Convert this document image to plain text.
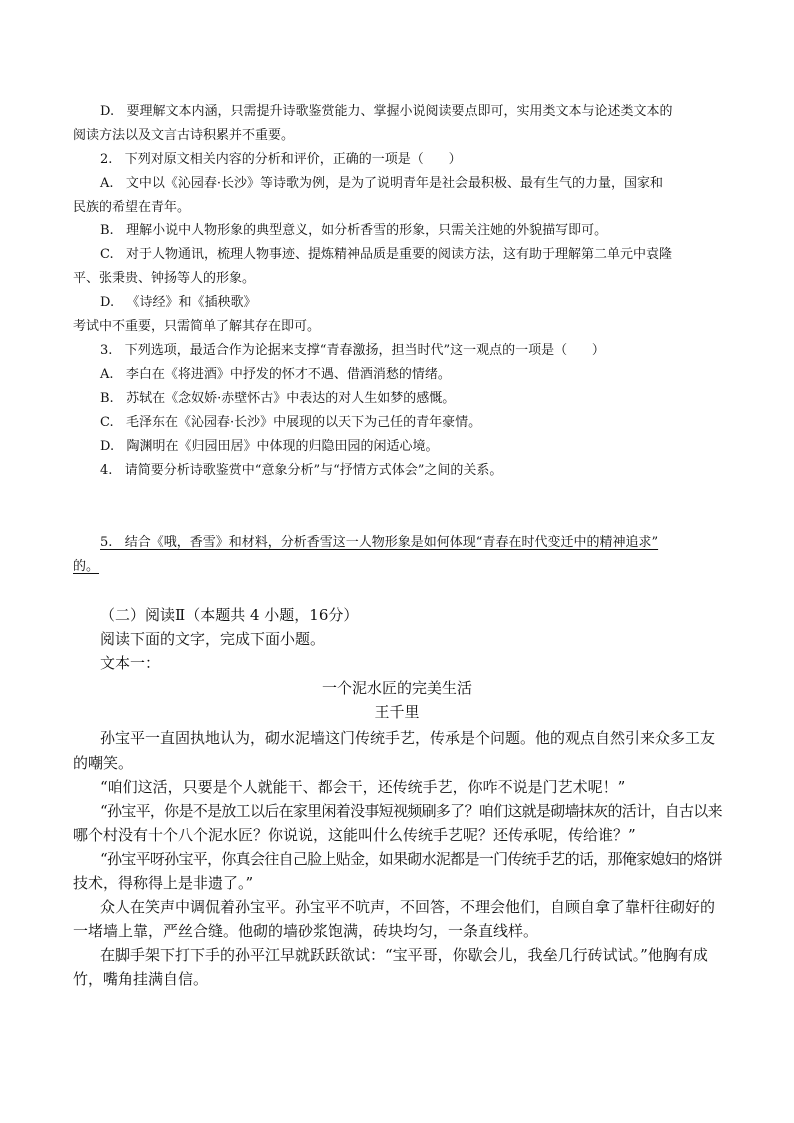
D.   要理解文本内涵，只需提升诗歌鉴赏能力、掌握小说阅读要点即可，实用类文本与论述类文本的
阅读方法以及文言古诗积累并不重要。
2.   下列对原文相关内容的分析和评价，正确的一项是（      ）
A.   文中以《沁园春·长沙》等诗歌为例，是为了说明青年是社会最积极、最有生气的力量，国家和
民族的希望在青年。
B.   理解小说中人物形象的典型意义，如分析香雪的形象，只需关注她的外貌描写即可。
C.   对于人物通讯，梳理人物事迹、提炼精神品质是重要的阅读方法，这有助于理解第二单元中袁隆
平、张秉贵、钟扬等人的形象。
D.   《诗经》和《插秧歌》
考试中不重要，只需简单了解其存在即可。
3.   下列选项，最适合作为论据来支撑“青春激扬，担当时代”这一观点的一项是（      ）
A.   李白在《将进酒》中抒发的怀才不遇、借酒消愁的情绪。
B.   苏轼在《念奴娇·赤壁怀古》中表达的对人生如梦的感慨。
C.   毛泽东在《沁园春·长沙》中展现的以天下为己任的青年豪情。
D.   陶渊明在《归园田居》中体现的归隐田园的闲适心境。
4.   请简要分析诗歌鉴赏中“意象分析”与“抒情方式体会”之间的关系。
5.   结合《哦，香雪》和材料，分析香雪这一人物形象是如何体现“青春在时代变迁中的精神追求”
的。
（二）阅读Ⅱ（本题共 4 小题，16分）
阅读下面的文字，完成下面小题。
文本一：
一个泥水匠的完美生活
王千里
孙宝平一直固执地认为，砌水泥墙这门传统手艺，传承是个问题。他的观点自然引来众多工友
的嘲笑。
“咱们这活，只要是个人就能干、都会干，还传统手艺，你咋不说是门艺术呢！”
“孙宝平，你是不是放工以后在家里闲着没事短视频刷多了？咱们这就是砌墙抹灰的活计，自古以来
哪个村没有十个八个泥水匠？你说说，这能叫什么传统手艺呢？还传承呢，传给谁？”
“孙宝平呀孙宝平，你真会往自己脸上贴金，如果砌水泥都是一门传统手艺的话，那俺家媳妇的烙饼
技术，得称得上是非遗了。”
众人在笑声中调侃着孙宝平。孙宝平不吭声，不回答，不理会他们，自顾自拿了靠杆往砌好的
一堵墙上靠，严丝合缝。他砌的墙砂浆饱满，砖块均匀，一条直线样。
在脚手架下打下手的孙平江早就跃跃欲试：“宝平哥，你歇会儿，我垒几行砖试试。”他胸有成
竹，嘴角挂满自信。
